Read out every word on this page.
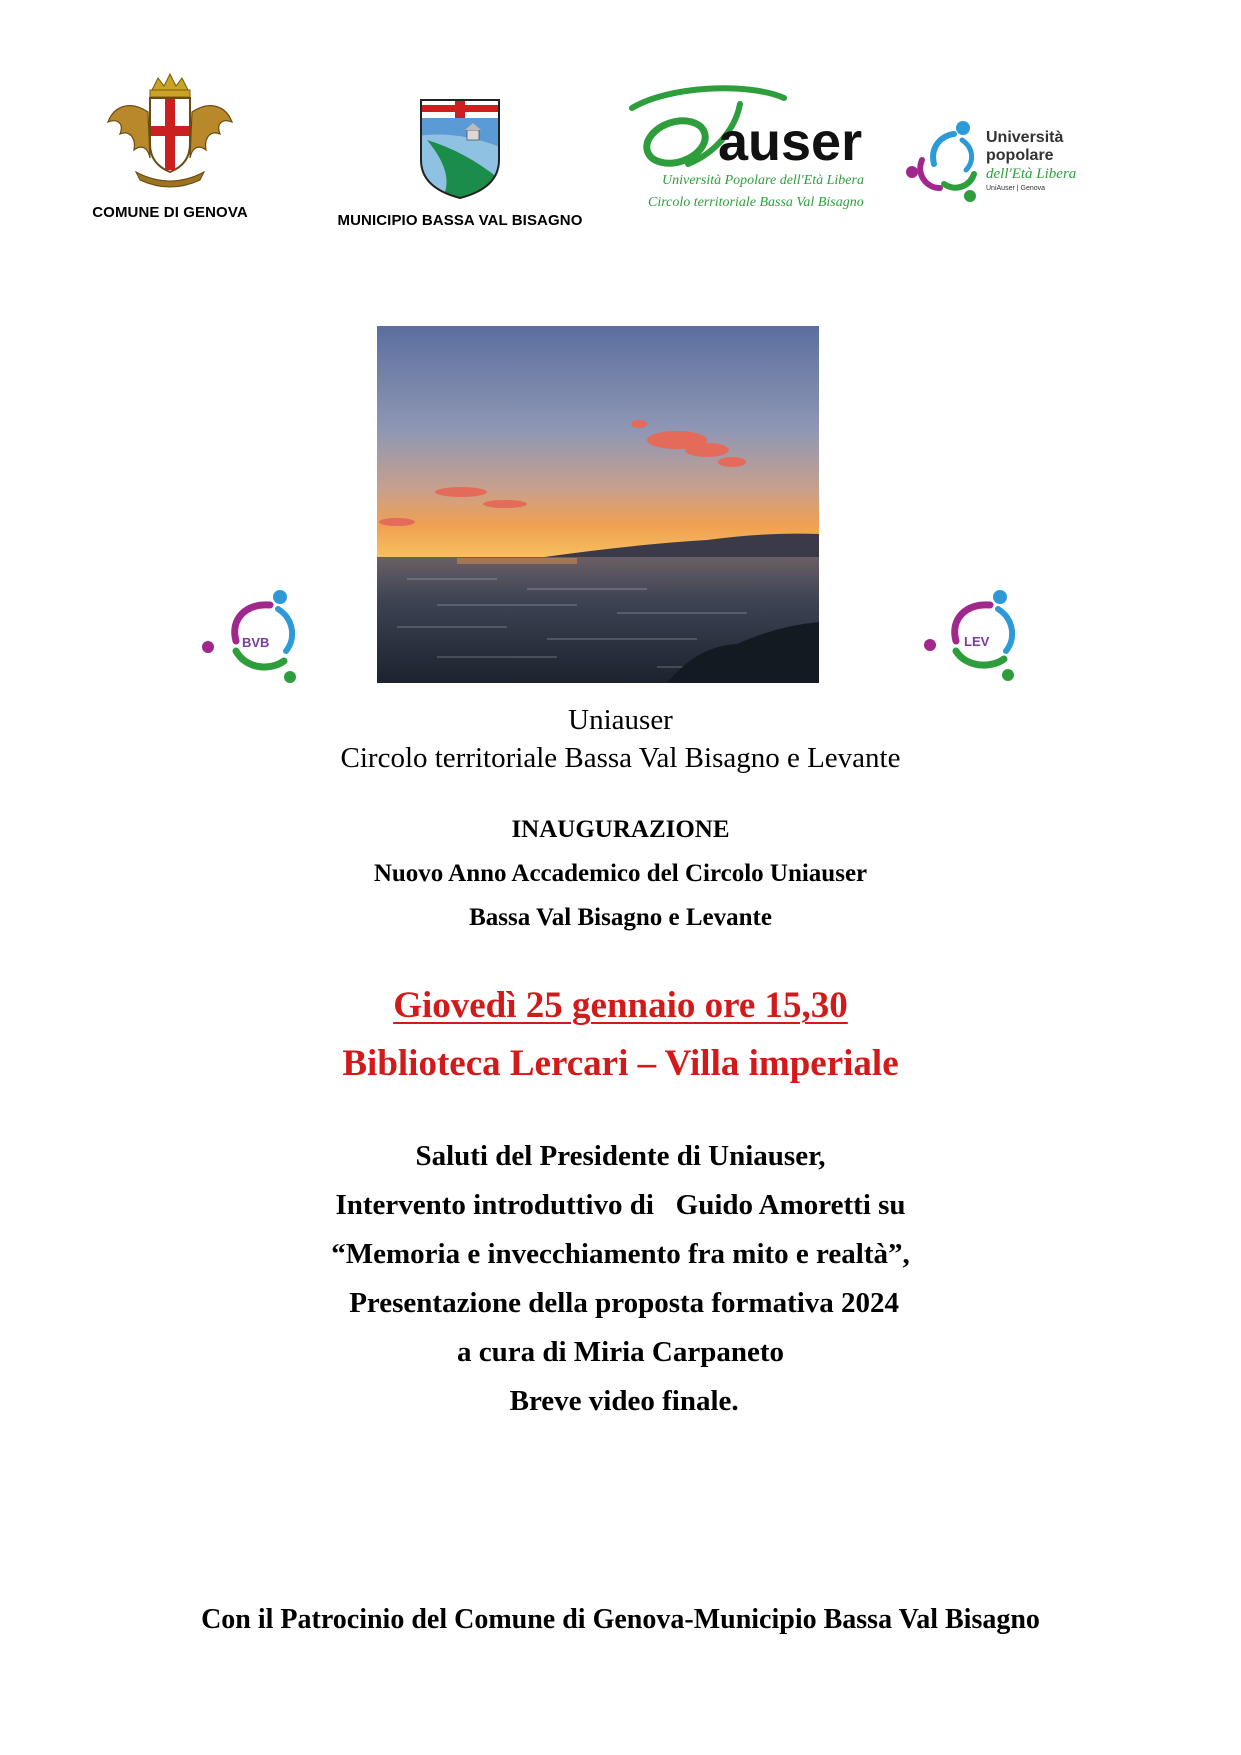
COMUNE DI GENOVA	MUNICIPIO BASSA VAL BISAGNO
auser
Università Popolare dell'Età Libera
Circolo territoriale Bassa Val Bisagno
Università
popolare
dell'Età Libera
UniAuser | Genova
BVB	LEV
Uniauser
Circolo territoriale Bassa Val Bisagno e Levante
INAUGURAZIONE
Nuovo Anno Accademico del Circolo Uniauser
Bassa Val Bisagno e Levante
Giovedì 25 gennaio ore 15,30
Biblioteca Lercari – Villa imperiale
Saluti del Presidente di Uniauser,
Intervento introduttivo di   Guido Amoretti su
“Memoria e invecchiamento fra mito e realtà”,
Presentazione della proposta formativa 2024
a cura di Miria Carpaneto
Breve video finale.
Con il Patrocinio del Comune di Genova-Municipio Bassa Val Bisagno
